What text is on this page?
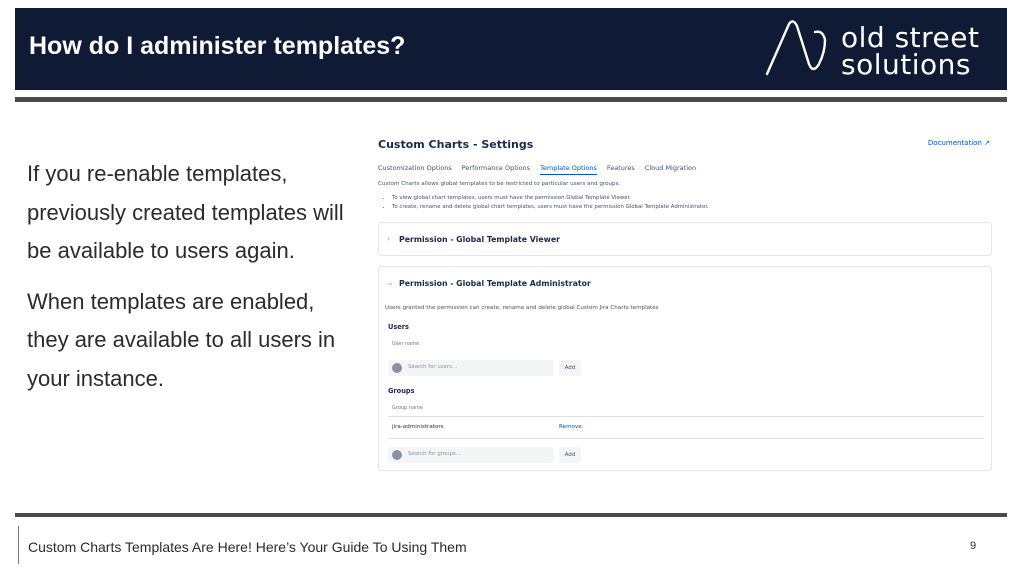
How do I administer templates?	old street
solutions

If you re-enable templates, previously created templates will be available to users again.

When templates are enabled, they are available to all users in your instance.

Custom Charts - Settings	Documentation ↗
Customization Options Performance Options Template Options Features Cloud Migration
Custom Charts allows global templates to be restricted to particular users and groups.
• To view global chart templates, users must have the permission Global Template Viewer.
• To create, rename and delete global chart templates, users must have the permission Global Template Administrator.
› Permission - Global Template Viewer
⌄ Permission - Global Template Administrator
Users granted the permission can create, rename and delete global Custom Jira Charts templates
Users
User name
Search for users...	Add
Groups
Group name
jira-administrators	Remove
Search for groups...	Add
Custom Charts Templates Are Here! Here’s Your Guide To Using Them	9
